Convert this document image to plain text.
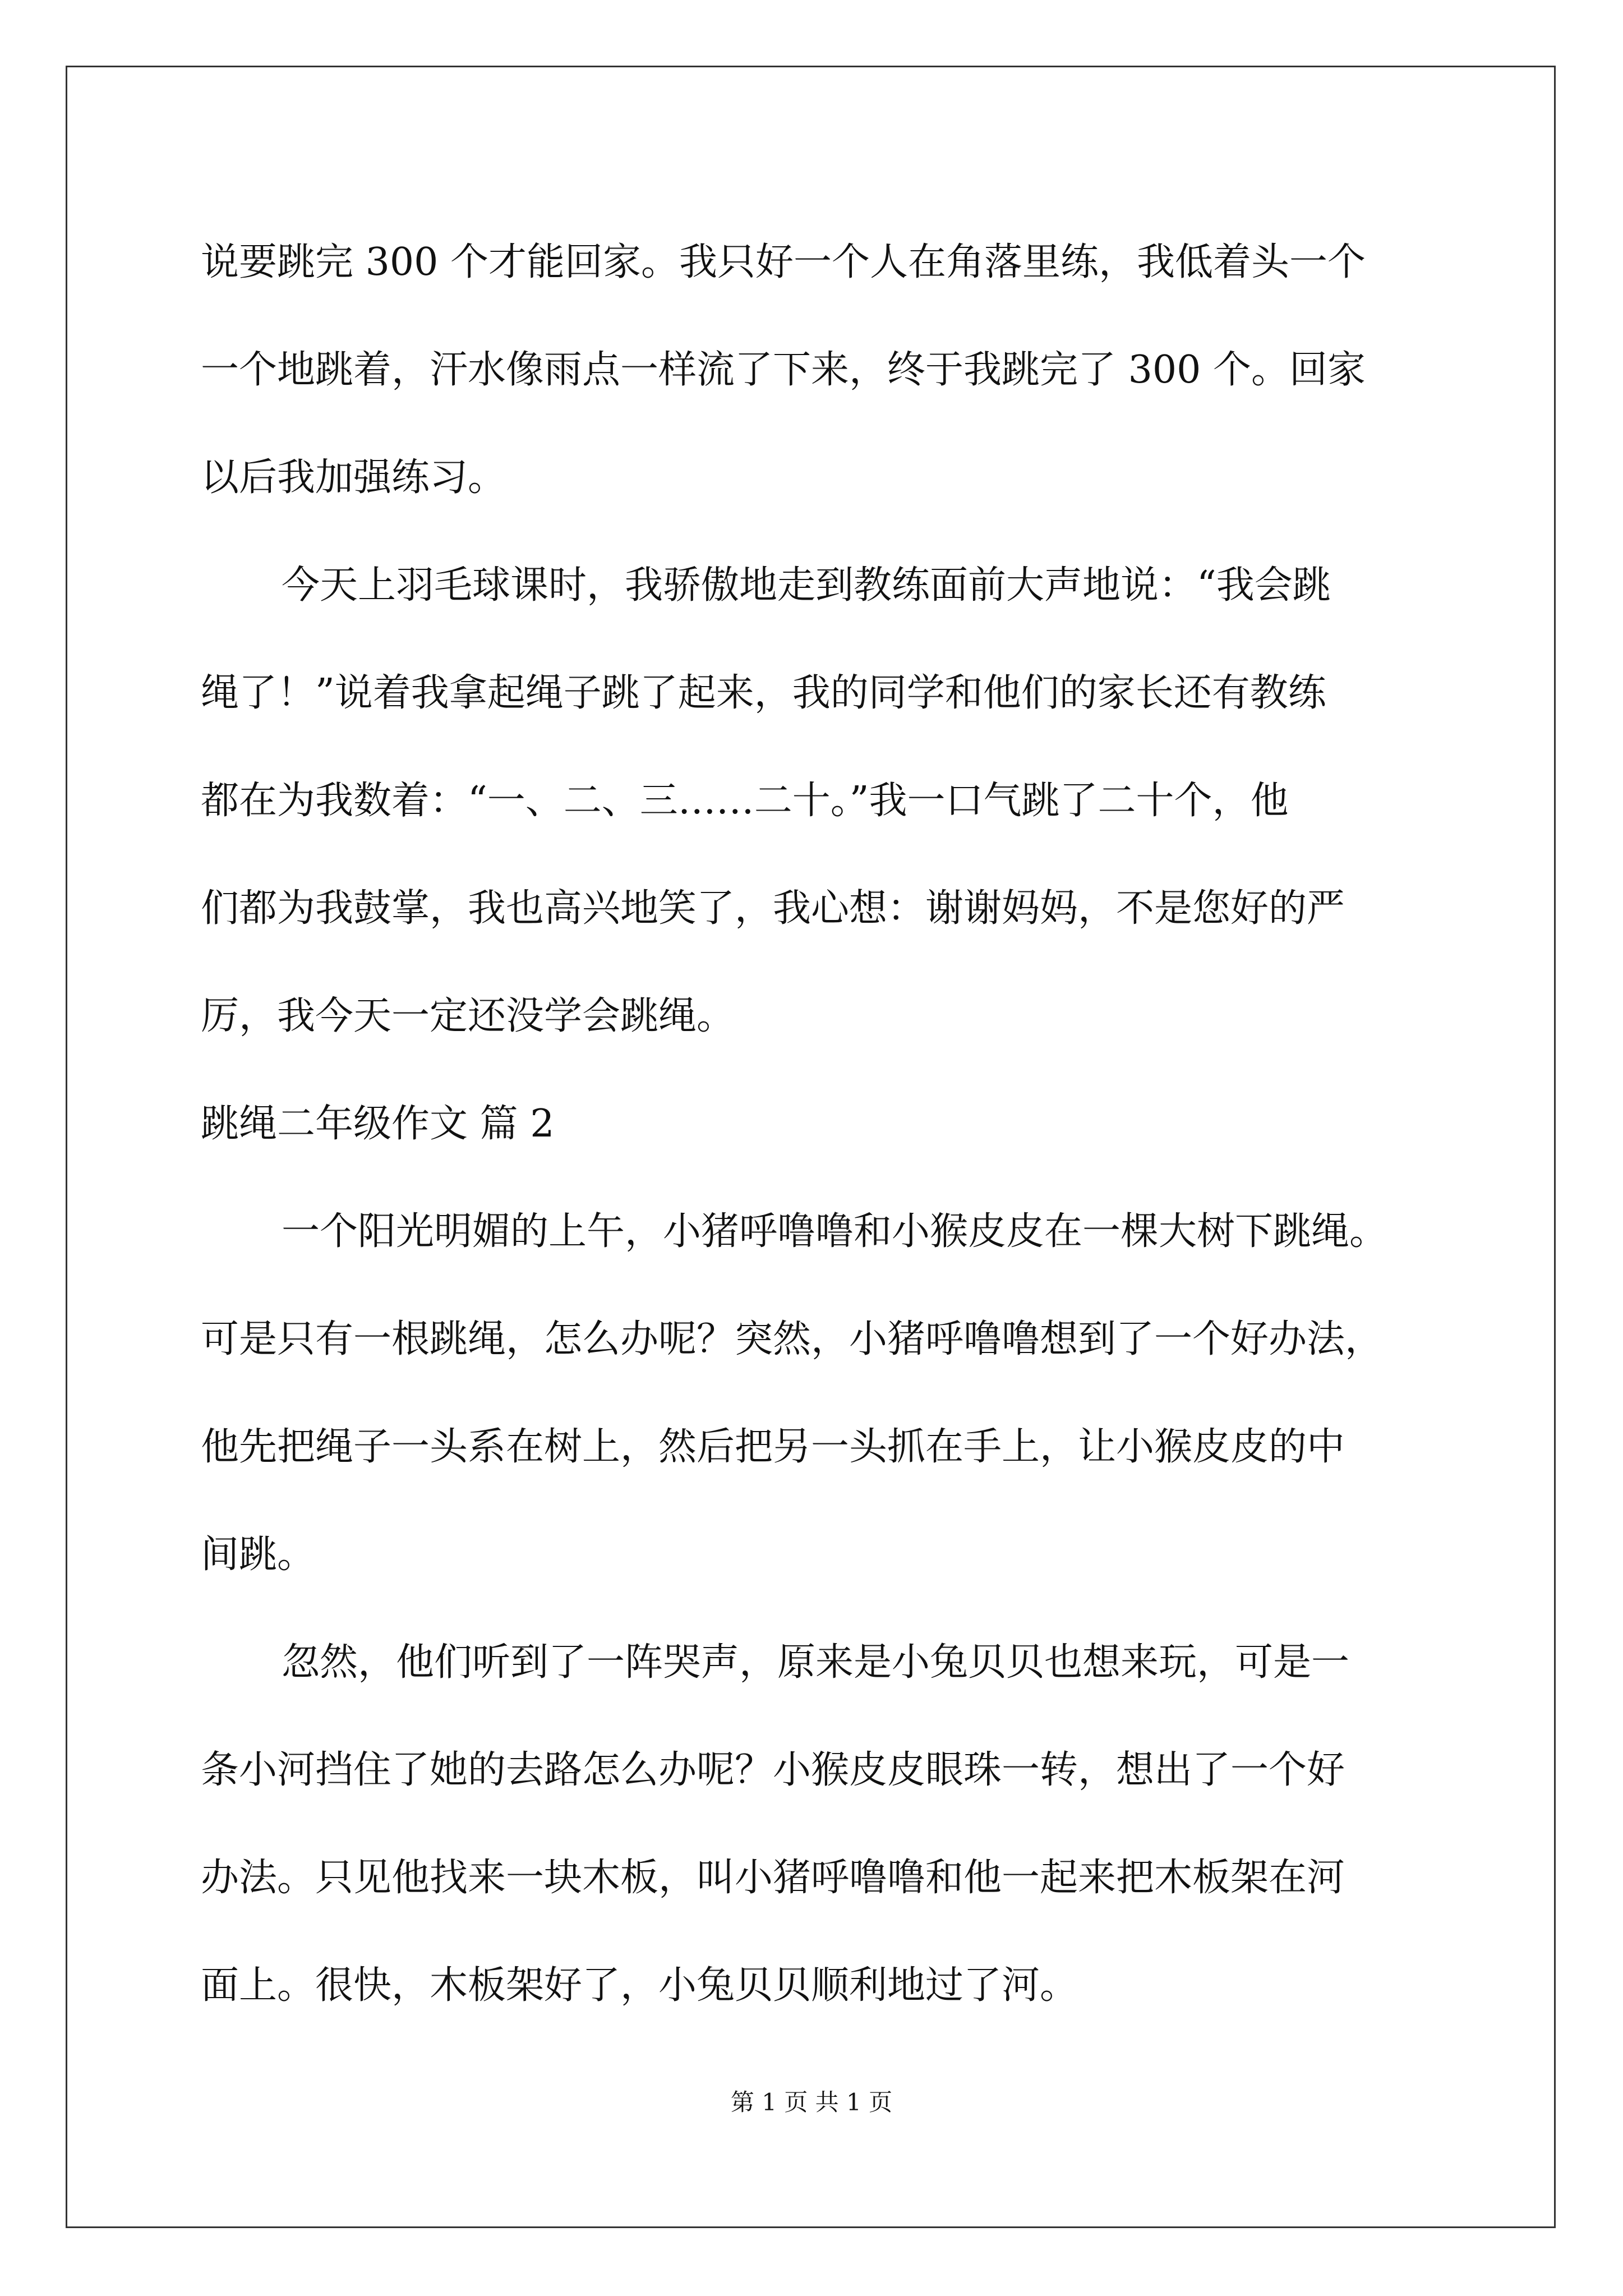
说要跳完 300 个才能回家。我只好一个人在角落里练，我低着头一个
一个地跳着，汗水像雨点一样流了下来，终于我跳完了 300 个。回家
以后我加强练习。
今天上羽毛球课时，我骄傲地走到教练面前大声地说：“我会跳
绳了！”说着我拿起绳子跳了起来，我的同学和他们的家长还有教练
都在为我数着：“一、二、三……二十。”我一口气跳了二十个，他
们都为我鼓掌，我也高兴地笑了，我心想：谢谢妈妈，不是您好的严
厉，我今天一定还没学会跳绳。
跳绳二年级作文 篇 2
一个阳光明媚的上午，小猪呼噜噜和小猴皮皮在一棵大树下跳绳。
可是只有一根跳绳，怎么办呢？突然，小猪呼噜噜想到了一个好办法，
他先把绳子一头系在树上，然后把另一头抓在手上，让小猴皮皮的中
间跳。
忽然，他们听到了一阵哭声，原来是小兔贝贝也想来玩，可是一
条小河挡住了她的去路怎么办呢？小猴皮皮眼珠一转，想出了一个好
办法。只见他找来一块木板，叫小猪呼噜噜和他一起来把木板架在河
面上。很快，木板架好了，小兔贝贝顺利地过了河。
第 1 页 共 1 页
